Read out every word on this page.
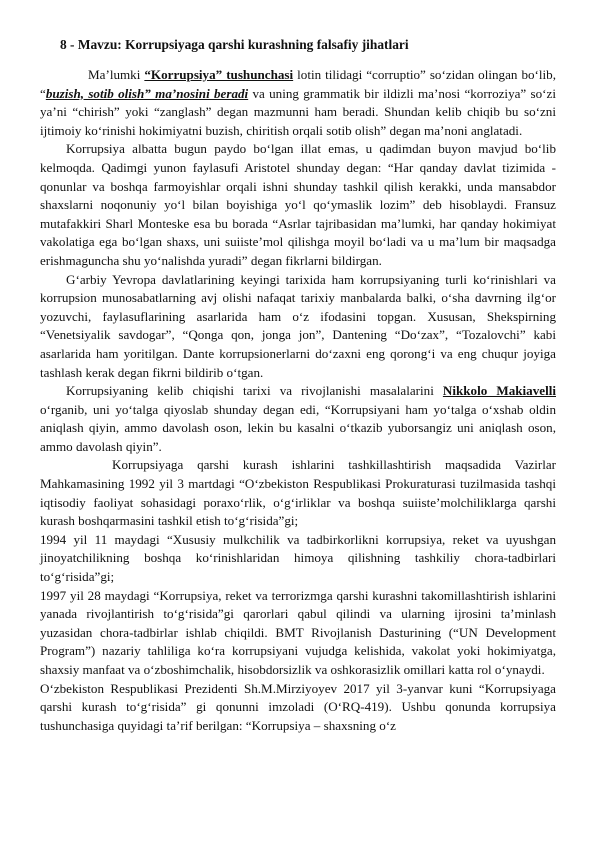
8 - Mavzu: Korrupsiyaga qarshi kurashning falsafiy jihatlari

Ma’lumki “Korrupsiya” tushunchasi lotin tilidagi “corruptio” so‘zidan olingan bo‘lib, “buzish, sotib olish” ma’nosini beradi va uning grammatik bir ildizli ma’nosi “korroziya” so‘zi ya’ni “chirish” yoki “zanglash” degan mazmunni ham beradi. Shundan kelib chiqib bu so‘zni ijtimoiy ko‘rinishi hokimiyatni buzish, chiritish orqali sotib olish” degan ma’noni anglatadi.

Korrupsiya albatta bugun paydo bo‘lgan illat emas, u qadimdan buyon mavjud bo‘lib kelmoqda. Qadimgi yunon faylasufi Aristotel shunday degan: “Har qanday davlat tizimida - qonunlar va boshqa farmoyishlar orqali ishni shunday tashkil qilish kerakki, unda mansabdor shaxslarni noqonuniy yo‘l bilan boyishiga yo‘l qo‘ymaslik lozim” deb hisoblaydi. Fransuz mutafakkiri Sharl Monteske esa bu borada “Asrlar tajribasidan ma’lumki, har qanday hokimiyat vakolatiga ega bo‘lgan shaxs, uni suiiste’mol qilishga moyil bo‘ladi va u ma’lum bir maqsadga erishmaguncha shu yo‘nalishda yuradi” degan fikrlarni bildirgan.

G‘arbiy Yevropa davlatlarining keyingi tarixida ham korrupsiyaning turli ko‘rinishlari va korrupsion munosabatlarning avj olishi nafaqat tarixiy manbalarda balki, o‘sha davrning ilg‘or yozuvchi, faylasuflarining asarlarida ham o‘z ifodasini topgan. Xususan, Shekspirning “Venetsiyalik savdogar”, “Qonga qon, jonga jon”, Dantening “Do‘zax”, “Tozalovchi” kabi asarlarida ham yoritilgan. Dante korrupsionerlarni do‘zaxni eng qorong‘i va eng chuqur joyiga tashlash kerak degan fikrni bildirib o‘tgan.

Korrupsiyaning kelib chiqishi tarixi va rivojlanishi masalalarini Nikkolo Makiavelli o‘rganib, uni yo‘talga qiyoslab shunday degan edi, “Korrupsiyani ham yo‘talga o‘xshab oldin aniqlash qiyin, ammo davolash oson, lekin bu kasalni o‘tkazib yuborsangiz uni aniqlash oson, ammo davolash qiyin”.

Korrupsiyaga qarshi kurash ishlarini tashkillashtirish maqsadida Vazirlar Mahkamasining 1992 yil 3 martdagi “O‘zbekiston Respublikasi Prokuraturasi tuzilmasida tashqi iqtisodiy faoliyat sohasidagi poraxo‘rlik, o‘g‘irliklar va boshqa suiiste’molchiliklarga qarshi kurash boshqarmasini tashkil etish to‘g‘risida”gi;

1994 yil 11 maydagi “Xususiy mulkchilik va tadbirkorlikni korrupsiya, reket va uyushgan jinoyatchilikning boshqa ko‘rinishlaridan himoya qilishning tashkiliy chora-tadbirlari to‘g‘risida”gi;

1997 yil 28 maydagi “Korrupsiya, reket va terrorizmga qarshi kurashni takomillashtirish ishlarini yanada rivojlantirish to‘g‘risida”gi qarorlari qabul qilindi va ularning ijrosini ta’minlash yuzasidan chora-tadbirlar ishlab chiqildi. BMT Rivojlanish Dasturining (“UN Development Program”) nazariy tahliliga ko‘ra korrupsiyani vujudga kelishida, vakolat yoki hokimiyatga, shaxsiy manfaat va o‘zboshimchalik, hisobdorsizlik va oshkorasizlik omillari katta rol o‘ynaydi.

O‘zbekiston Respublikasi Prezidenti Sh.M.Mirziyoyev 2017 yil 3-yanvar kuni “Korrupsiyaga qarshi kurash to‘g‘risida” gi qonunni imzoladi (O‘RQ-419). Ushbu qonunda korrupsiya tushunchasiga quyidagi ta’rif berilgan: “Korrupsiya – shaxsning o‘z
